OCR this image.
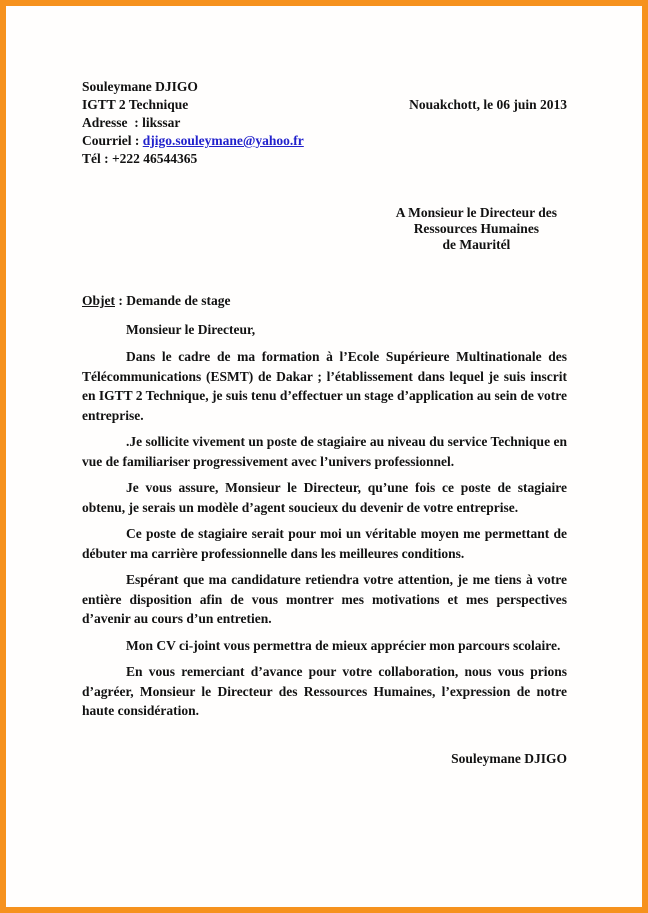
Souleymane DJIGO
IGTT 2 Technique
Adresse  : likssar
Courriel : djigo.souleymane@yahoo.fr
Tél : +222 46544365
Nouakchott, le 06 juin 2013
A Monsieur le Directeur des
Ressources Humaines
de Mauritél
Objet : Demande de stage
Monsieur le Directeur,

Dans le cadre de ma formation à l’Ecole Supérieure Multinationale des Télécommunications (ESMT) de Dakar ; l’établissement dans lequel je suis inscrit en IGTT 2 Technique, je suis tenu d’effectuer un stage d’application au sein de votre entreprise.

.Je sollicite vivement un poste de stagiaire au niveau du service Technique en vue de familiariser progressivement avec l’univers professionnel.

Je vous assure, Monsieur le Directeur, qu’une fois ce poste de stagiaire obtenu, je serais un modèle d’agent soucieux du devenir de votre entreprise.

Ce poste de stagiaire serait pour moi un véritable moyen me permettant de débuter ma carrière professionnelle dans les meilleures conditions.

Espérant que ma candidature retiendra votre attention, je me tiens à votre entière disposition afin de vous montrer mes motivations et mes perspectives d’avenir au cours d’un entretien.

Mon CV ci-joint vous permettra de mieux apprécier mon parcours scolaire.

En vous remerciant d’avance pour votre collaboration, nous vous prions d’agréer, Monsieur le Directeur des Ressources Humaines, l’expression de notre haute considération.

Souleymane DJIGO
